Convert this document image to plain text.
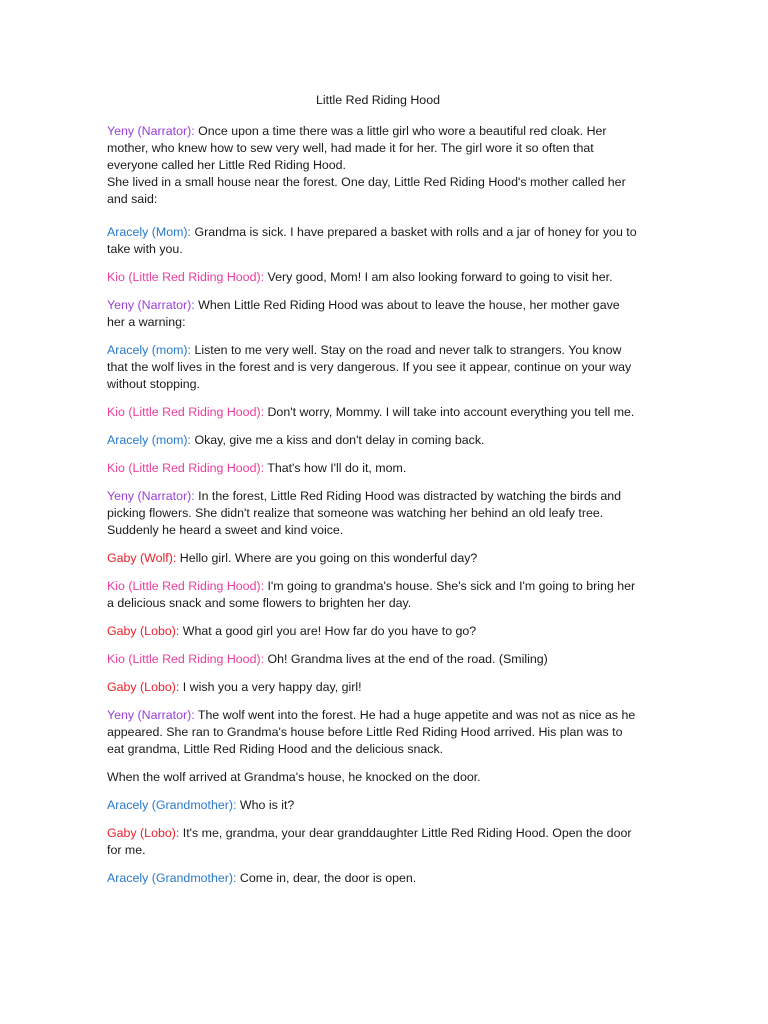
Little Red Riding Hood

Yeny (Narrator): Once upon a time there was a little girl who wore a beautiful red cloak. Her mother, who knew how to sew very well, had made it for her. The girl wore it so often that everyone called her Little Red Riding Hood.

She lived in a small house near the forest. One day, Little Red Riding Hood's mother called her and said:

Aracely (Mom): Grandma is sick. I have prepared a basket with rolls and a jar of honey for you to take with you.

Kio (Little Red Riding Hood): Very good, Mom! I am also looking forward to going to visit her.

Yeny (Narrator): When Little Red Riding Hood was about to leave the house, her mother gave her a warning:

Aracely (mom): Listen to me very well. Stay on the road and never talk to strangers. You know that the wolf lives in the forest and is very dangerous. If you see it appear, continue on your way without stopping.

Kio (Little Red Riding Hood): Don't worry, Mommy. I will take into account everything you tell me.

Aracely (mom): Okay, give me a kiss and don't delay in coming back.

Kio (Little Red Riding Hood): That's how I'll do it, mom.

Yeny (Narrator): In the forest, Little Red Riding Hood was distracted by watching the birds and picking flowers. She didn't realize that someone was watching her behind an old leafy tree. Suddenly he heard a sweet and kind voice.

Gaby (Wolf): Hello girl. Where are you going on this wonderful day?

Kio (Little Red Riding Hood): I'm going to grandma's house. She's sick and I'm going to bring her a delicious snack and some flowers to brighten her day.

Gaby (Lobo): What a good girl you are! How far do you have to go?

Kio (Little Red Riding Hood): Oh! Grandma lives at the end of the road. (Smiling)

Gaby (Lobo): I wish you a very happy day, girl!

Yeny (Narrator): The wolf went into the forest. He had a huge appetite and was not as nice as he appeared. She ran to Grandma's house before Little Red Riding Hood arrived. His plan was to eat grandma, Little Red Riding Hood and the delicious snack.

When the wolf arrived at Grandma's house, he knocked on the door.

Aracely (Grandmother): Who is it?

Gaby (Lobo): It's me, grandma, your dear granddaughter Little Red Riding Hood. Open the door for me.

Aracely (Grandmother): Come in, dear, the door is open.
